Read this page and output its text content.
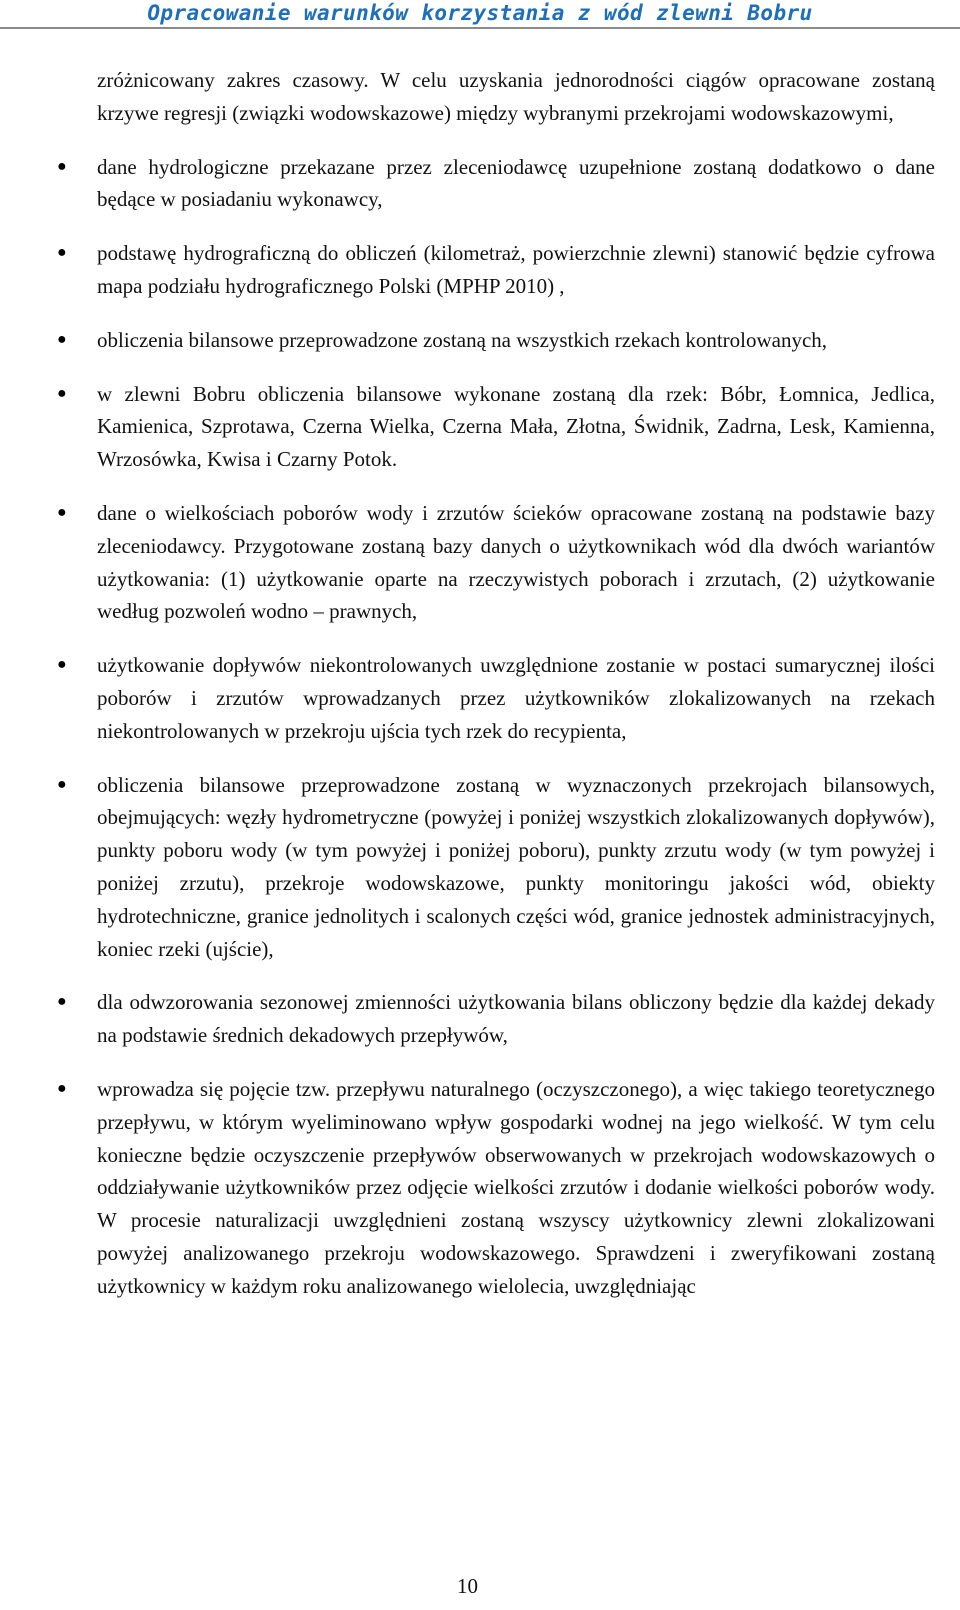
Opracowanie warunków korzystania z wód zlewni Bobru

zróżnicowany zakres czasowy. W celu uzyskania jednorodności ciągów opracowane zostaną krzywe regresji (związki wodowskazowe) między wybranymi przekrojami wodowskazowymi,

● dane hydrologiczne przekazane przez zleceniodawcę uzupełnione zostaną dodatkowo o dane będące w posiadaniu wykonawcy,
● podstawę hydrograficzną do obliczeń (kilometraż, powierzchnie zlewni) stanowić będzie cyfrowa mapa podziału hydrograficznego Polski (MPHP 2010) ,
● obliczenia bilansowe przeprowadzone zostaną na wszystkich rzekach kontrolowanych,
● w zlewni Bobru obliczenia bilansowe wykonane zostaną dla rzek: Bóbr, Łomnica, Jedlica, Kamienica, Szprotawa, Czerna Wielka, Czerna Mała, Złotna, Świdnik, Zadrna, Lesk, Kamienna, Wrzosówka, Kwisa i Czarny Potok.
● dane o wielkościach poborów wody i zrzutów ścieków opracowane zostaną na podstawie bazy zleceniodawcy. Przygotowane zostaną bazy danych o użytkownikach wód dla dwóch wariantów użytkowania: (1) użytkowanie oparte na rzeczywistych poborach i zrzutach, (2) użytkowanie według pozwoleń wodno – prawnych,
● użytkowanie dopływów niekontrolowanych uwzględnione zostanie w postaci sumarycznej ilości poborów i zrzutów wprowadzanych przez użytkowników zlokalizowanych na rzekach niekontrolowanych w przekroju ujścia tych rzek do recypienta,
● obliczenia bilansowe przeprowadzone zostaną w wyznaczonych przekrojach bilansowych, obejmujących: węzły hydrometryczne (powyżej i poniżej wszystkich zlokalizowanych dopływów), punkty poboru wody (w tym powyżej i poniżej poboru), punkty zrzutu wody (w tym powyżej i poniżej zrzutu), przekroje wodowskazowe, punkty monitoringu jakości wód, obiekty hydrotechniczne, granice jednolitych i scalonych części wód, granice jednostek administracyjnych, koniec rzeki (ujście),
● dla odwzorowania sezonowej zmienności użytkowania bilans obliczony będzie dla każdej dekady na podstawie średnich dekadowych przepływów,
● wprowadza się pojęcie tzw. przepływu naturalnego (oczyszczonego), a więc takiego teoretycznego przepływu, w którym wyeliminowano wpływ gospodarki wodnej na jego wielkość. W tym celu konieczne będzie oczyszczenie przepływów obserwowanych w przekrojach wodowskazowych o oddziaływanie użytkowników przez odjęcie wielkości zrzutów i dodanie wielkości poborów wody. W procesie naturalizacji uwzględnieni zostaną wszyscy użytkownicy zlewni zlokalizowani powyżej analizowanego przekroju wodowskazowego. Sprawdzeni i zweryfikowani zostaną użytkownicy w każdym roku analizowanego wielolecia, uwzględniając
10
